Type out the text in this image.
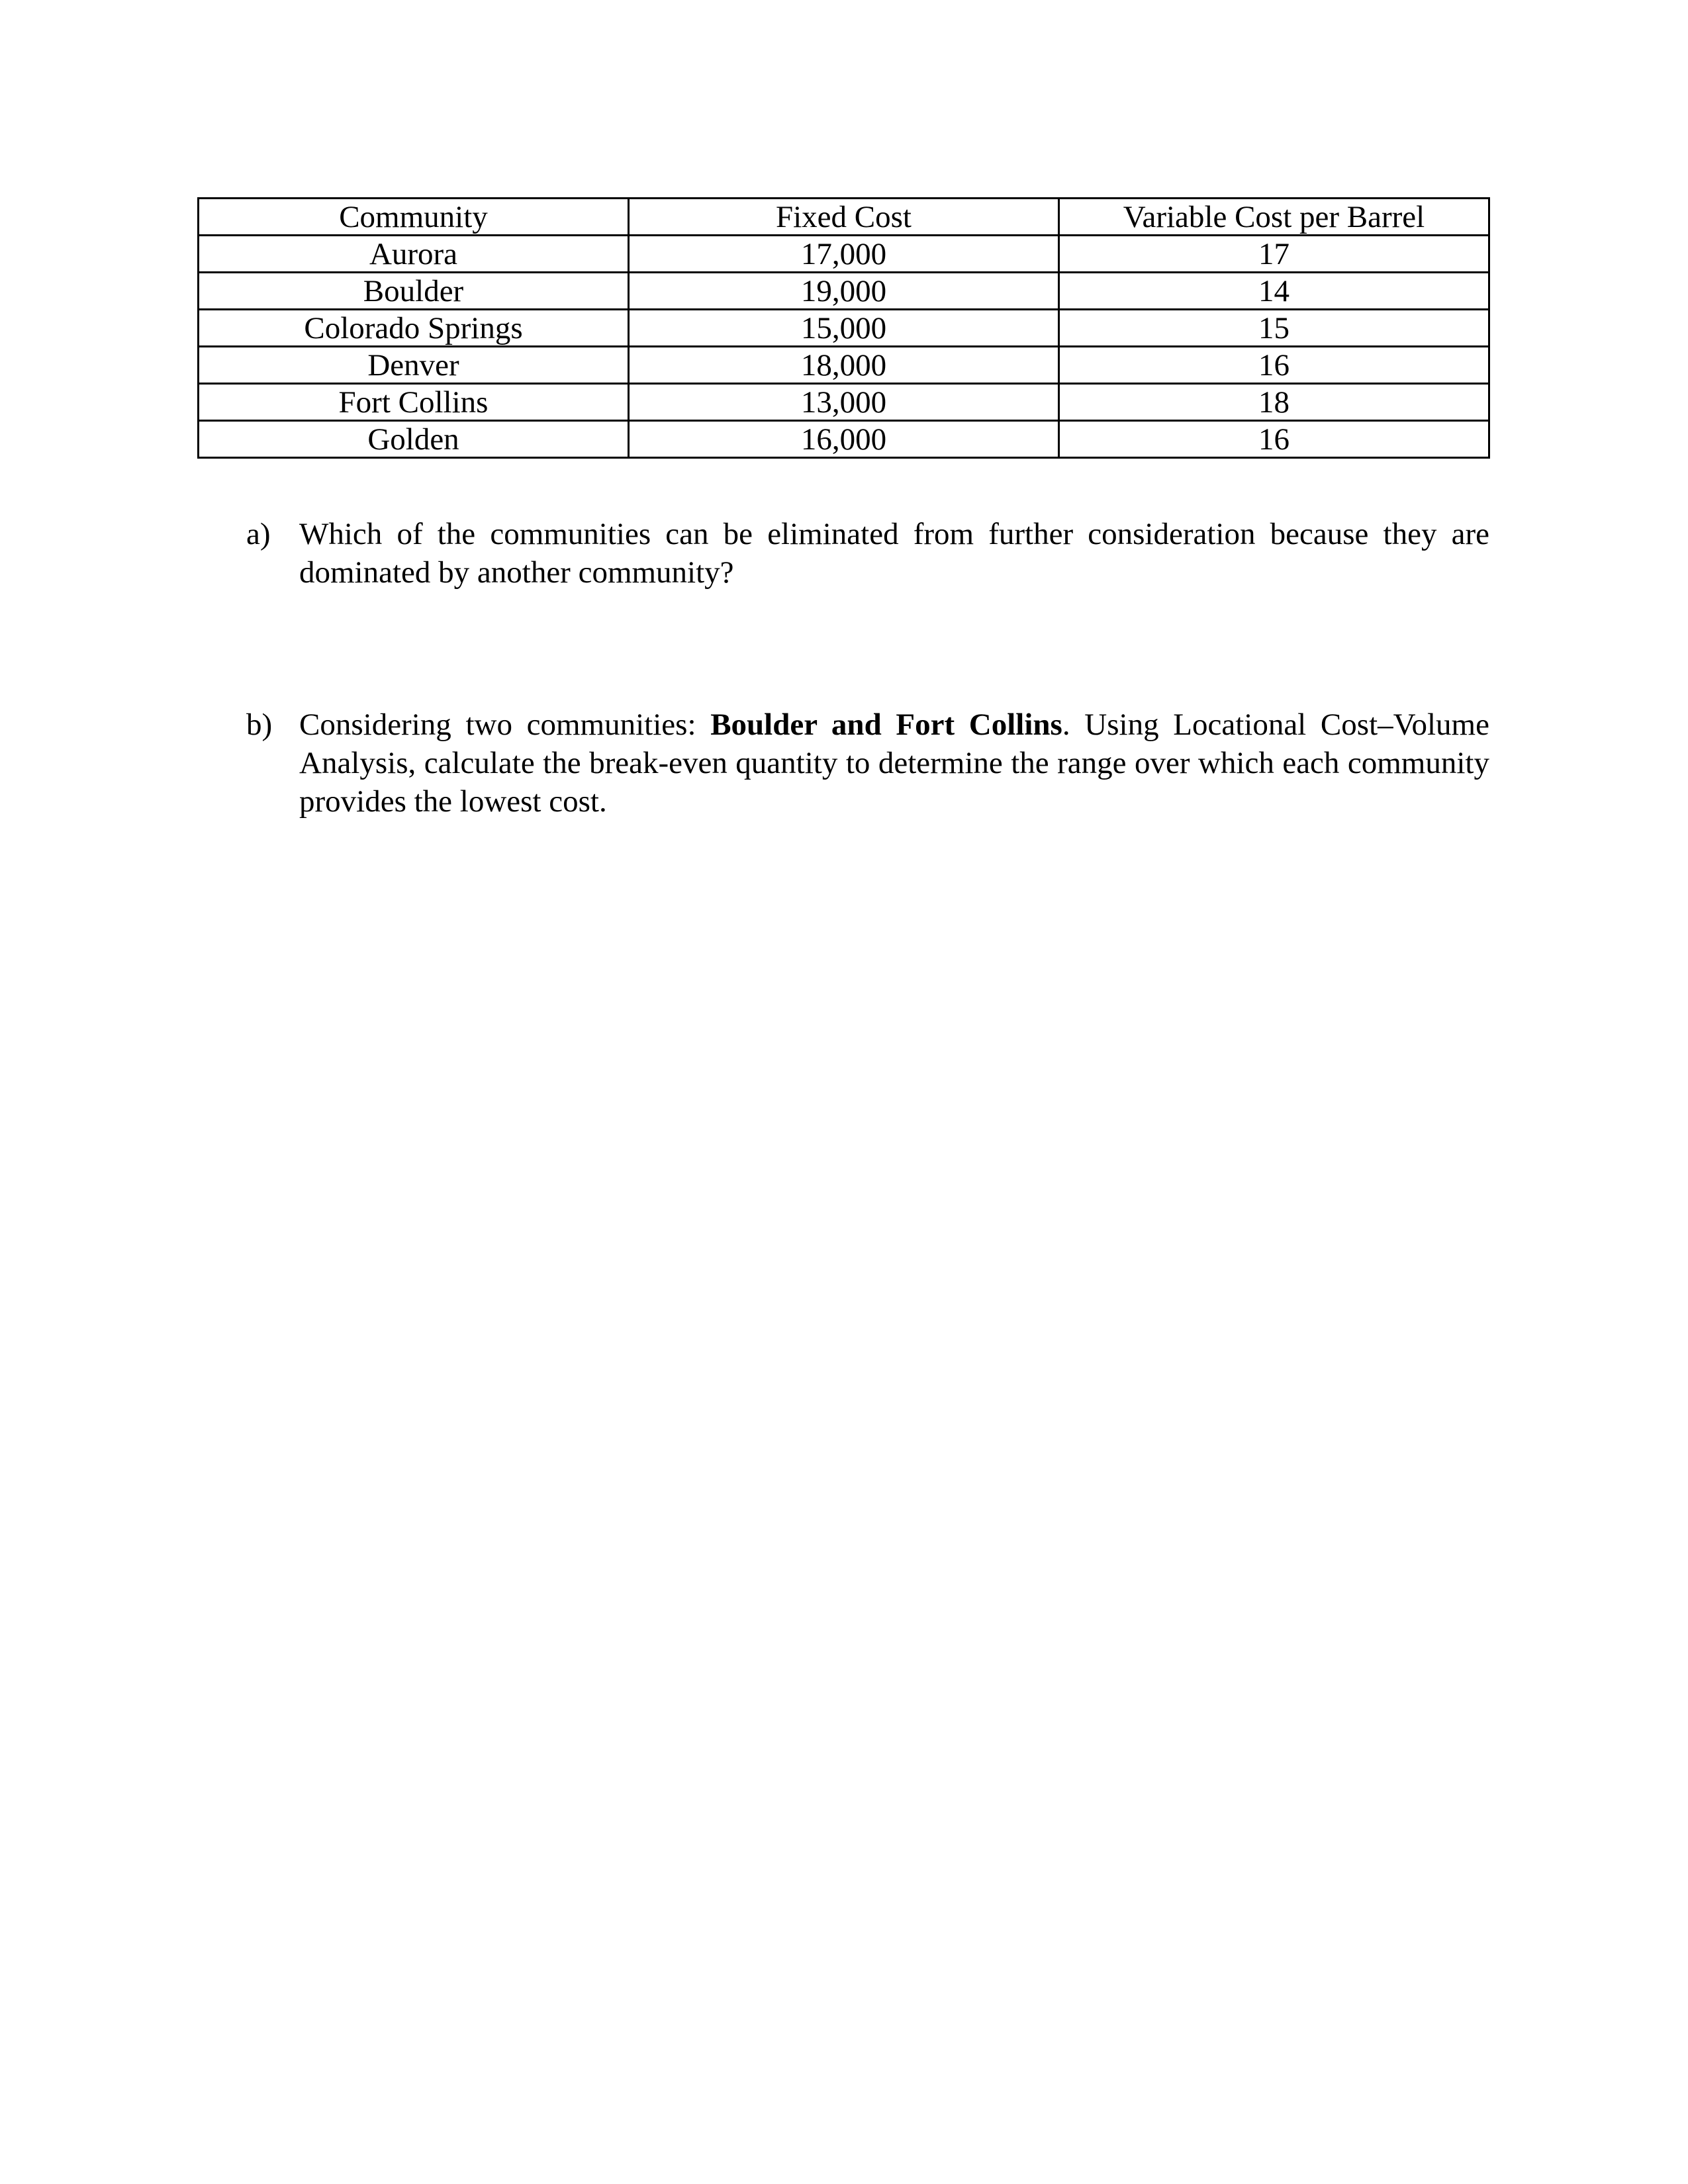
Community	Fixed Cost	Variable Cost per Barrel
Aurora	17,000	17
Boulder	19,000	14
Colorado Springs	15,000	15
Denver	18,000	16
Fort Collins	13,000	18
Golden	16,000	16
a) Which of the communities can be eliminated from further consideration because they are dominated by another community?
b) Considering two communities: Boulder and Fort Collins. Using Locational Cost–Volume Analysis, calculate the break-even quantity to determine the range over which each community provides the lowest cost.
